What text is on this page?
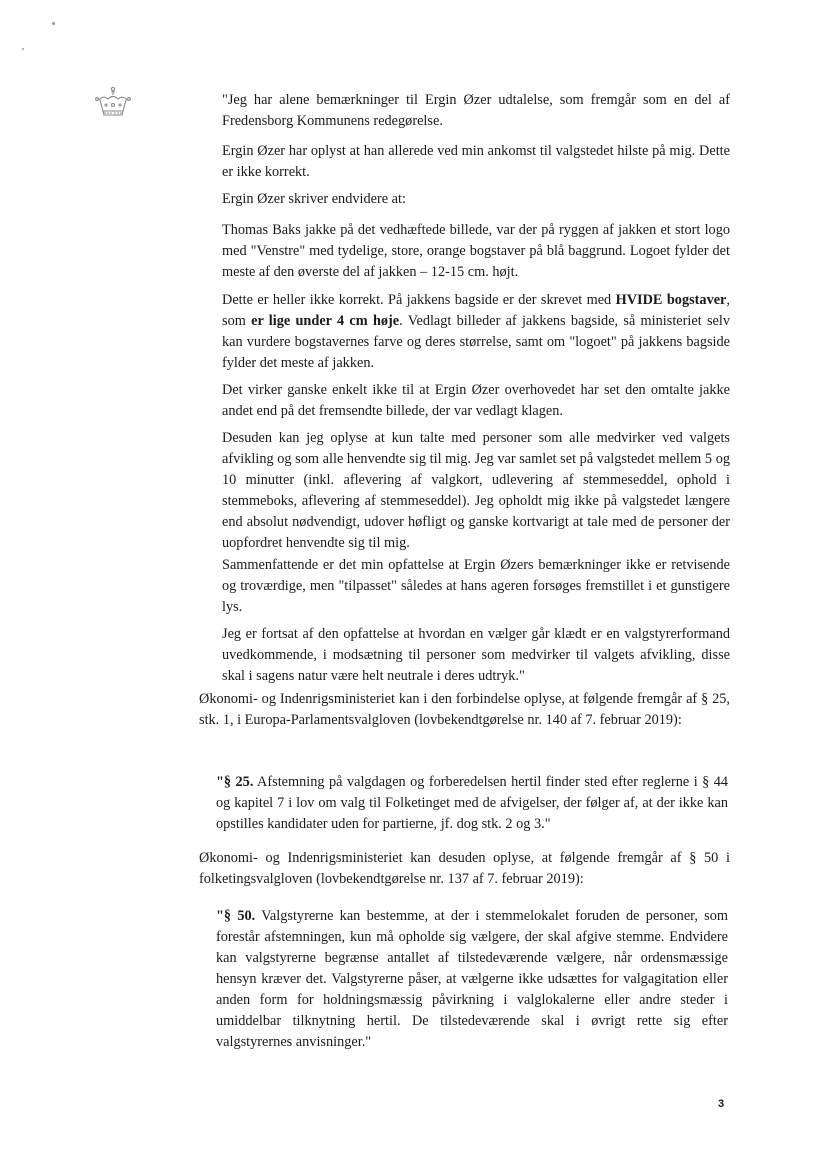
"Jeg har alene bemærkninger til Ergin Øzer udtalelse, som fremgår som en del af Fredensborg Kommunens redegørelse.

Ergin Øzer har oplyst at han allerede ved min ankomst til valgstedet hilste på mig. Dette er ikke korrekt.

Ergin Øzer skriver endvidere at:

Thomas Baks jakke på det vedhæftede billede, var der på ryggen af jakken et stort logo med "Venstre" med tydelige, store, orange bogstaver på blå baggrund. Logoet fylder det meste af den øverste del af jakken – 12-15 cm. højt.

Dette er heller ikke korrekt. På jakkens bagside er der skrevet med HVIDE bogstaver, som er lige under 4 cm høje. Vedlagt billeder af jakkens bagside, så ministeriet selv kan vurdere bogstavernes farve og deres størrelse, samt om "logoet" på jakkens bagside fylder det meste af jakken.

Det virker ganske enkelt ikke til at Ergin Øzer overhovedet har set den omtalte jakke andet end på det fremsendte billede, der var vedlagt klagen.

Desuden kan jeg oplyse at kun talte med personer som alle medvirker ved valgets afvikling og som alle henvendte sig til mig. Jeg var samlet set på valgstedet mellem 5 og 10 minutter (inkl. aflevering af valgkort, udlevering af stemmeseddel, ophold i stemmeboks, aflevering af stemmeseddel). Jeg opholdt mig ikke på valgstedet længere end absolut nødvendigt, udover høfligt og ganske kortvarigt at tale med de personer der uopfordret henvendte sig til mig.

Sammenfattende er det min opfattelse at Ergin Øzers bemærkninger ikke er retvisende og troværdige, men "tilpasset" således at hans ageren forsøges fremstillet i et gunstigere lys.

Jeg er fortsat af den opfattelse at hvordan en vælger går klædt er en valgstyrerformand uvedkommende, i modsætning til personer som medvirker til valgets afvikling, disse skal i sagens natur være helt neutrale i deres udtryk."

Økonomi- og Indenrigsministeriet kan i den forbindelse oplyse, at følgende fremgår af § 25, stk. 1, i Europa-Parlamentsvalgloven (lovbekendtgørelse nr. 140 af 7. februar 2019):

"§ 25. Afstemning på valgdagen og forberedelsen hertil finder sted efter reglerne i § 44 og kapitel 7 i lov om valg til Folketinget med de afvigelser, der følger af, at der ikke kan opstilles kandidater uden for partierne, jf. dog stk. 2 og 3."

Økonomi- og Indenrigsministeriet kan desuden oplyse, at følgende fremgår af § 50 i folketingsvalgloven (lovbekendtgørelse nr. 137 af 7. februar 2019):

"§ 50. Valgstyrerne kan bestemme, at der i stemmelokalet foruden de personer, som forestår afstemningen, kun må opholde sig vælgere, der skal afgive stemme. Endvidere kan valgstyrerne begrænse antallet af tilstedeværende vælgere, når ordensmæssige hensyn kræver det. Valgstyrerne påser, at vælgerne ikke udsættes for valgagitation eller anden form for holdningsmæssig påvirkning i valglokalerne eller andre steder i umiddelbar tilknytning hertil. De tilstedeværende skal i øvrigt rette sig efter valgstyrernes anvisninger."

3
